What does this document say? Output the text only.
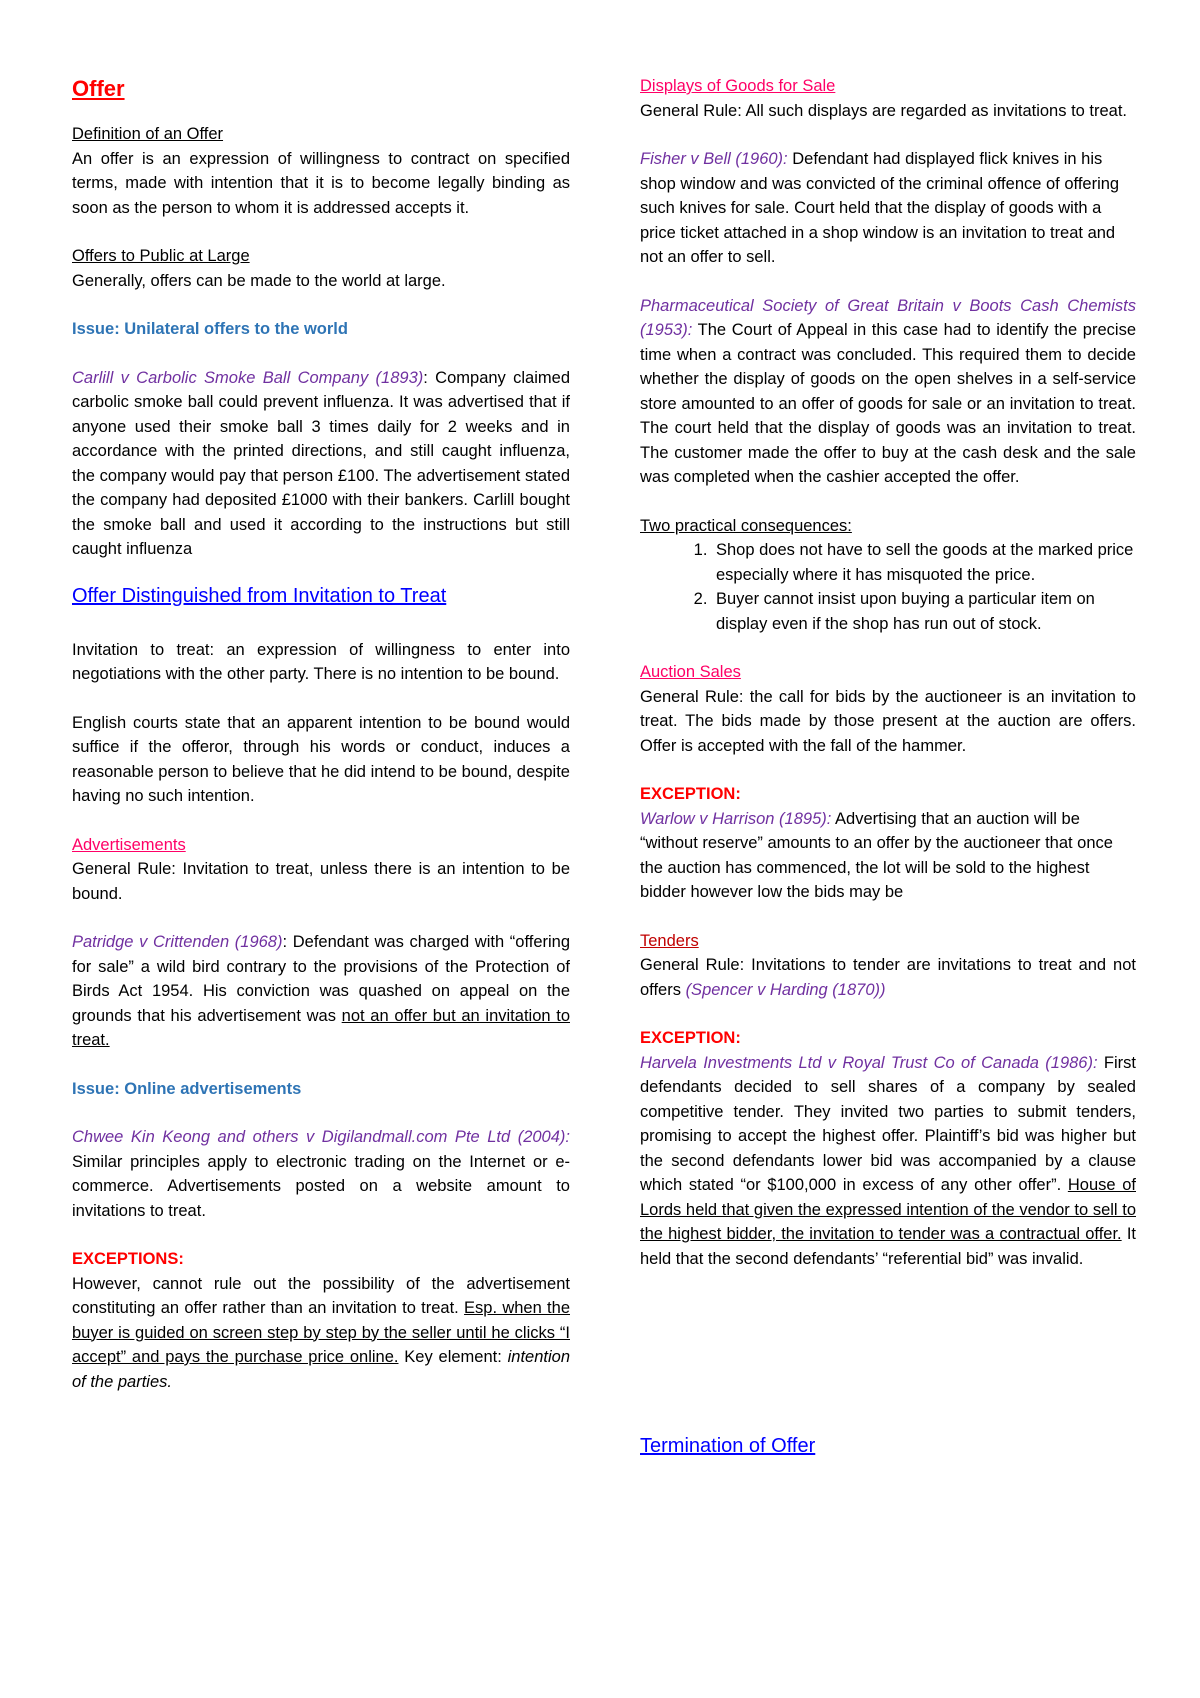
Offer

Definition of an Offer

An offer is an expression of willingness to contract on specified terms, made with intention that it is to become legally binding as soon as the person to whom it is addressed accepts it.

Offers to Public at Large

Generally, offers can be made to the world at large.

Issue: Unilateral offers to the world

Carlill v Carbolic Smoke Ball Company (1893): Company claimed carbolic smoke ball could prevent influenza. It was advertised that if anyone used their smoke ball 3 times daily for 2 weeks and in accordance with the printed directions, and still caught influenza, the company would pay that person £100. The advertisement stated the company had deposited £1000 with their bankers. Carlill bought the smoke ball and used it according to the instructions but still caught influenza

Offer Distinguished from Invitation to Treat

Invitation to treat: an expression of willingness to enter into negotiations with the other party. There is no intention to be bound.

English courts state that an apparent intention to be bound would suffice if the offeror, through his words or conduct, induces a reasonable person to believe that he did intend to be bound, despite having no such intention.

Advertisements

General Rule: Invitation to treat, unless there is an intention to be bound.

Patridge v Crittenden (1968): Defendant was charged with “offering for sale” a wild bird contrary to the provisions of the Protection of Birds Act 1954. His conviction was quashed on appeal on the grounds that his advertisement was not an offer but an invitation to treat.

Issue: Online advertisements

Chwee Kin Keong and others v Digilandmall.com Pte Ltd (2004): Similar principles apply to electronic trading on the Internet or e-commerce. Advertisements posted on a website amount to invitations to treat.

EXCEPTIONS:

However, cannot rule out the possibility of the advertisement constituting an offer rather than an invitation to treat. Esp. when the buyer is guided on screen step by step by the seller until he clicks “I accept” and pays the purchase price online. Key element: intention of the parties.

Displays of Goods for Sale

General Rule: All such displays are regarded as invitations to treat.

Fisher v Bell (1960): Defendant had displayed flick knives in his shop window and was convicted of the criminal offence of offering such knives for sale. Court held that the display of goods with a price ticket attached in a shop window is an invitation to treat and not an offer to sell.

Pharmaceutical Society of Great Britain v Boots Cash Chemists (1953): The Court of Appeal in this case had to identify the precise time when a contract was concluded. This required them to decide whether the display of goods on the open shelves in a self-service store amounted to an offer of goods for sale or an invitation to treat. The court held that the display of goods was an invitation to treat. The customer made the offer to buy at the cash desk and the sale was completed when the cashier accepted the offer.

Two practical consequences:

1. Shop does not have to sell the goods at the marked price especially where it has misquoted the price.
2. Buyer cannot insist upon buying a particular item on display even if the shop has run out of stock.

Auction Sales

General Rule: the call for bids by the auctioneer is an invitation to treat. The bids made by those present at the auction are offers. Offer is accepted with the fall of the hammer.

EXCEPTION:

Warlow v Harrison (1895): Advertising that an auction will be “without reserve” amounts to an offer by the auctioneer that once the auction has commenced, the lot will be sold to the highest bidder however low the bids may be

Tenders

General Rule: Invitations to tender are invitations to treat and not offers (Spencer v Harding (1870))

EXCEPTION:

Harvela Investments Ltd v Royal Trust Co of Canada (1986): First defendants decided to sell shares of a company by sealed competitive tender. They invited two parties to submit tenders, promising to accept the highest offer. Plaintiff’s bid was higher but the second defendants lower bid was accompanied by a clause which stated “or $100,000 in excess of any other offer”. House of Lords held that given the expressed intention of the vendor to sell to the highest bidder, the invitation to tender was a contractual offer. It held that the second defendants’ “referential bid” was invalid.

Termination of Offer
